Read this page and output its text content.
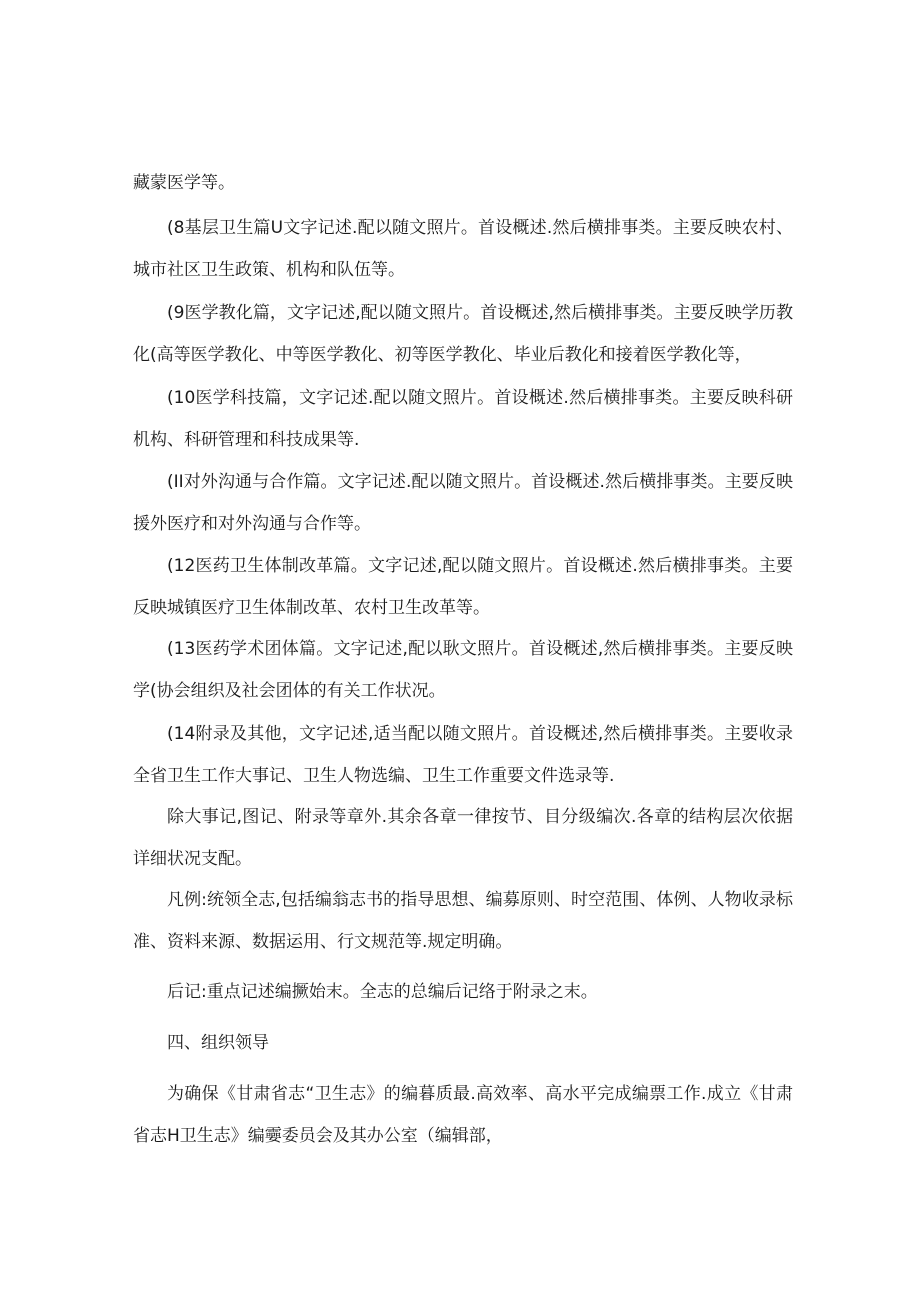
藏蒙医学等。

(8基层卫生篇U文字记述.配以随文照片。首设概述.然后横排事类。主要反映农村、城市社区卫生政策、机构和队伍等。

(9医学教化篇，文字记述,配以随文照片。首设概述,然后横排事类。主要反映学历教化(高等医学教化、中等医学教化、初等医学教化、毕业后教化和接着医学教化等，

(10医学科技篇，文字记述.配以随文照片。首设概述.然后横排事类。主要反映科研机构、科研管理和科技成果等.

(II对外沟通与合作篇。文字记述.配以随文照片。首设概述.然后横排事类。主要反映援外医疗和对外沟通与合作等。

(12医药卫生体制改革篇。文字记述,配以随文照片。首设概述.然后横排事类。主要反映城镇医疗卫生体制改革、农村卫生改革等。

(13医药学术团体篇。文字记述,配以耿文照片。首设概述,然后横排事类。主要反映学(协会组织及社会团体的有关工作状况。

(14附录及其他，文字记述,适当配以随文照片。首设概述,然后横排事类。主要收录全省卫生工作大事记、卫生人物选编、卫生工作重要文件选录等.

除大事记,图记、附录等章外.其余各章一律按节、目分级编次.各章的结构层次依据详细状况支配。

凡例:统领全志,包括编翁志书的指导思想、编募原则、时空范围、体例、人物收录标准、资料来源、数据运用、行文规范等.规定明确。

后记:重点记述编撅始末。全志的总编后记络于附录之末。

四、组织领导

为确保《甘肃省志“卫生志》的编暮质最.高效率、高水平完成编票工作.成立《甘肃省志H卫生志》编孁委员会及其办公室（编辑部，
